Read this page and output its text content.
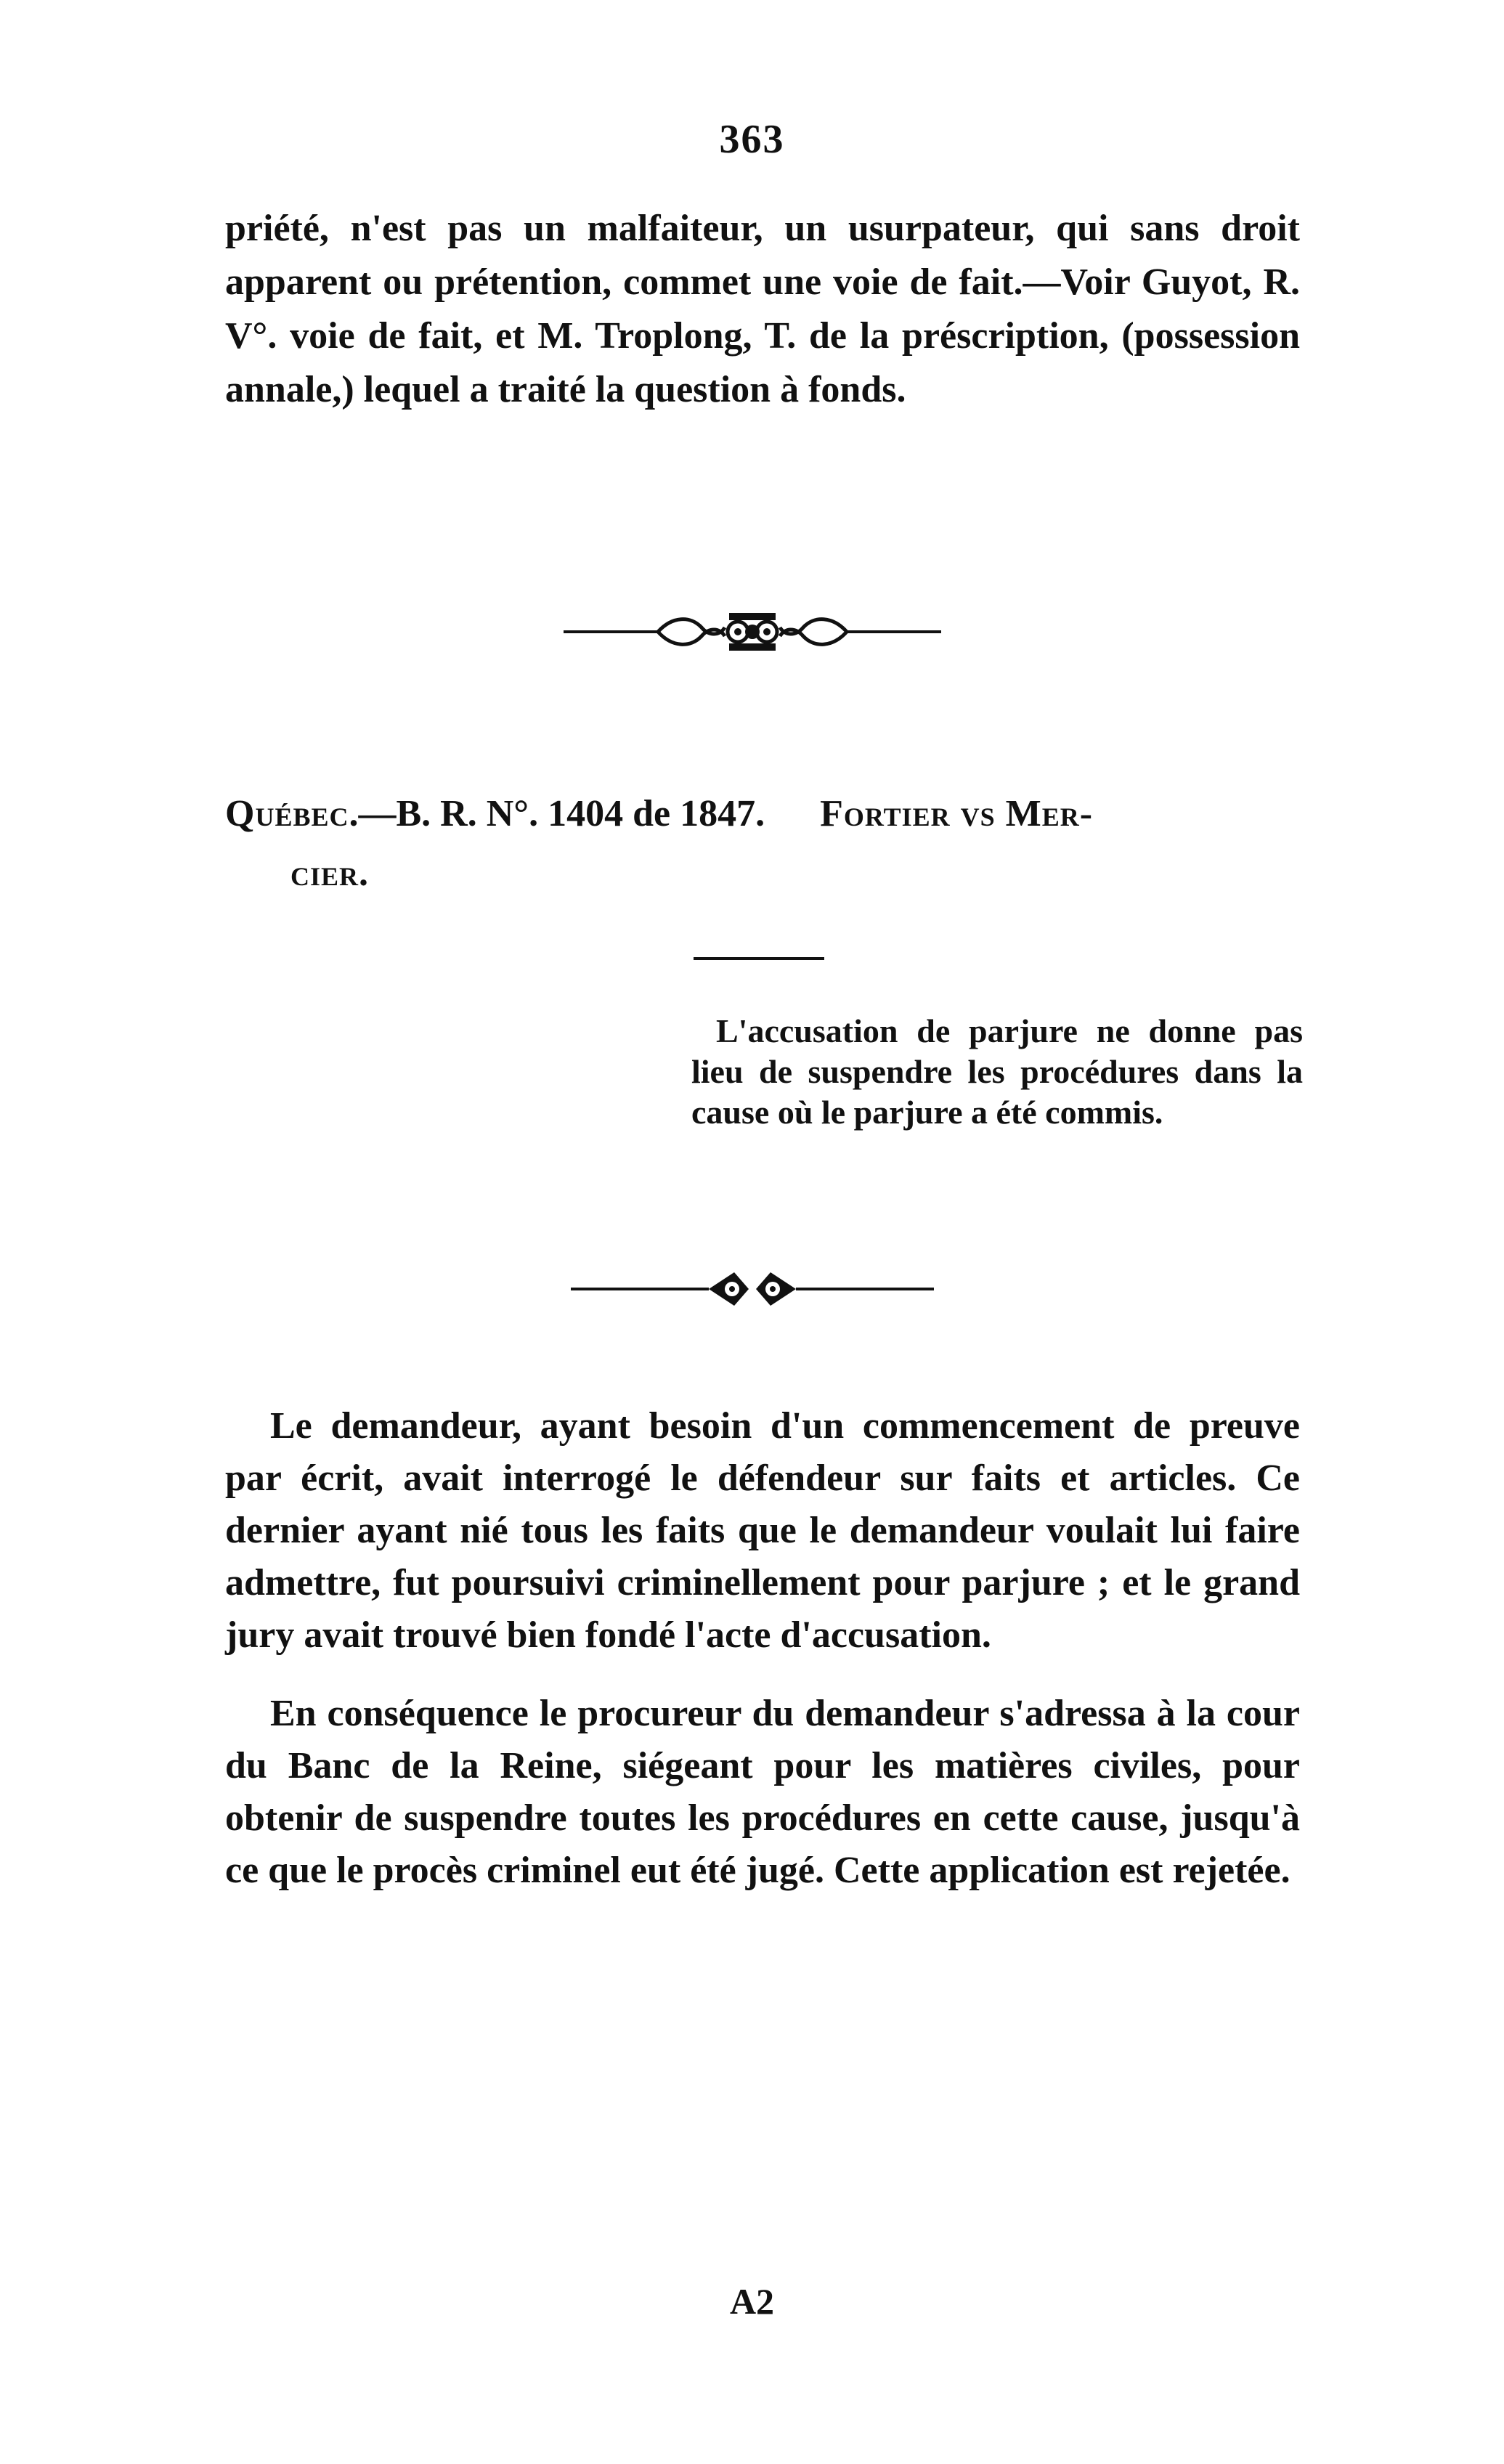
363

priété, n'est pas un malfaiteur, un usurpateur, qui sans droit apparent ou prétention, commet une voie de fait.—Voir Guyot, R. V°. voie de fait, et M. Troplong, T. de la préscription, (possession annale,) lequel a traité la question à fonds.

Québec.—B. R. N°. 1404 de 1847. Fortier vs Mer-
cier.

L'accusation de parjure ne donne pas lieu de suspendre les procédures dans la cause où le parjure a été commis.

Le demandeur, ayant besoin d'un commencement de preuve par écrit, avait interrogé le défendeur sur faits et articles. Ce dernier ayant nié tous les faits que le demandeur voulait lui faire admettre, fut poursuivi criminellement pour parjure ; et le grand jury avait trouvé bien fondé l'acte d'accusation.

En conséquence le procureur du demandeur s'adressa à la cour du Banc de la Reine, siégeant pour les matières civiles, pour obtenir de suspendre toutes les procédures en cette cause, jusqu'à ce que le procès criminel eut été jugé. Cette application est rejetée.

A2
